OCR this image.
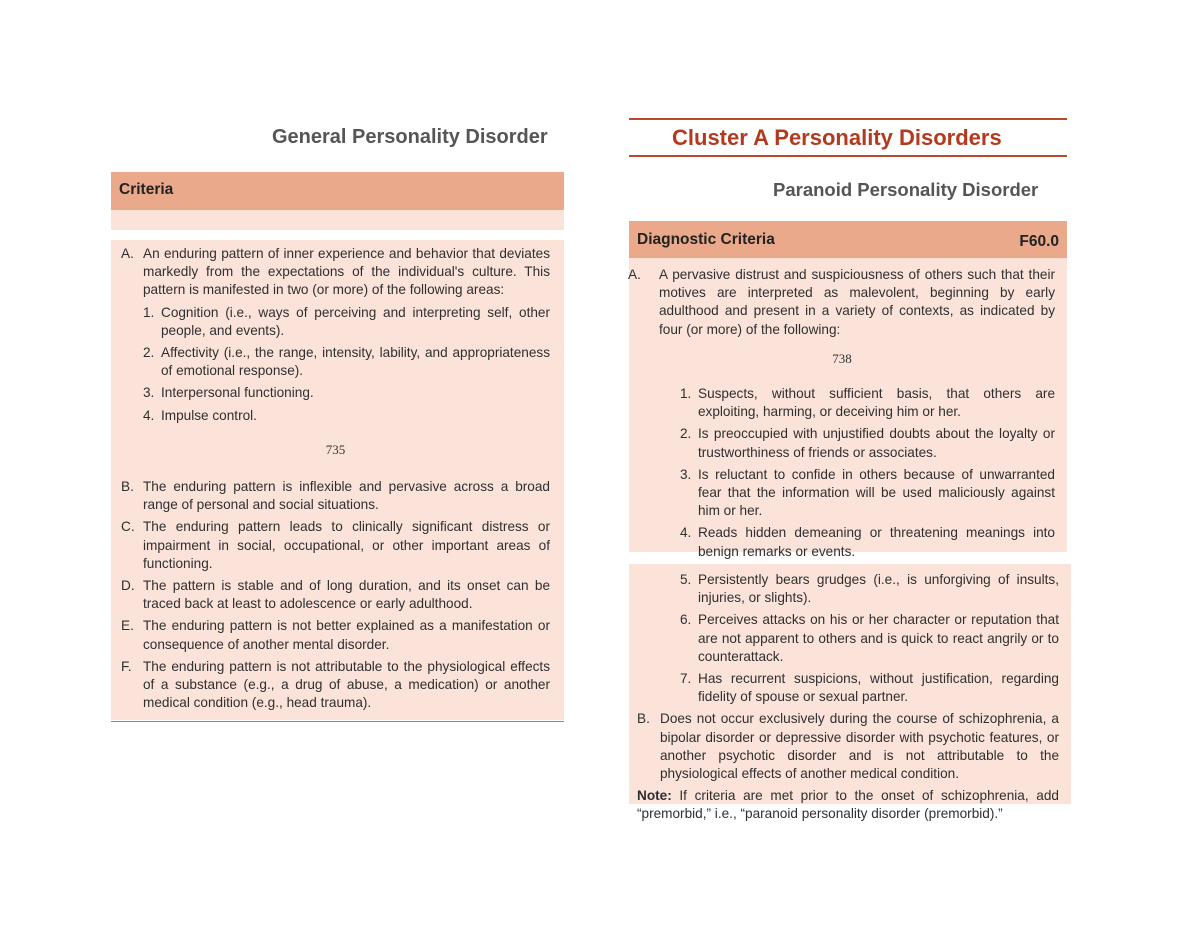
General Personality Disorder
Criteria
A. An enduring pattern of inner experience and behavior that deviates markedly from the expectations of the individual's culture. This pattern is manifested in two (or more) of the following areas:
1. Cognition (i.e., ways of perceiving and interpreting self, other people, and events).
2. Affectivity (i.e., the range, intensity, lability, and appropriateness of emotional response).
3. Interpersonal functioning.
4. Impulse control.
735
B. The enduring pattern is inflexible and pervasive across a broad range of personal and social situations.
C. The enduring pattern leads to clinically significant distress or impairment in social, occupational, or other important areas of functioning.
D. The pattern is stable and of long duration, and its onset can be traced back at least to adolescence or early adulthood.
E. The enduring pattern is not better explained as a manifestation or consequence of another mental disorder.
F. The enduring pattern is not attributable to the physiological effects of a substance (e.g., a drug of abuse, a medication) or another medical condition (e.g., head trauma).
Cluster A Personality Disorders
Paranoid Personality Disorder
Diagnostic Criteria	F60.0
A. A pervasive distrust and suspiciousness of others such that their motives are interpreted as malevolent, beginning by early adulthood and present in a variety of contexts, as indicated by four (or more) of the following:
738
1. Suspects, without sufficient basis, that others are exploiting, harming, or deceiving him or her.
2. Is preoccupied with unjustified doubts about the loyalty or trustworthiness of friends or associates.
3. Is reluctant to confide in others because of unwarranted fear that the information will be used maliciously against him or her.
4. Reads hidden demeaning or threatening meanings into benign remarks or events.
5. Persistently bears grudges (i.e., is unforgiving of insults, injuries, or slights).
6. Perceives attacks on his or her character or reputation that are not apparent to others and is quick to react angrily or to counterattack.
7. Has recurrent suspicions, without justification, regarding fidelity of spouse or sexual partner.
B. Does not occur exclusively during the course of schizophrenia, a bipolar disorder or depressive disorder with psychotic features, or another psychotic disorder and is not attributable to the physiological effects of another medical condition.
Note: If criteria are met prior to the onset of schizophrenia, add “premorbid,” i.e., “paranoid personality disorder (premorbid).”
